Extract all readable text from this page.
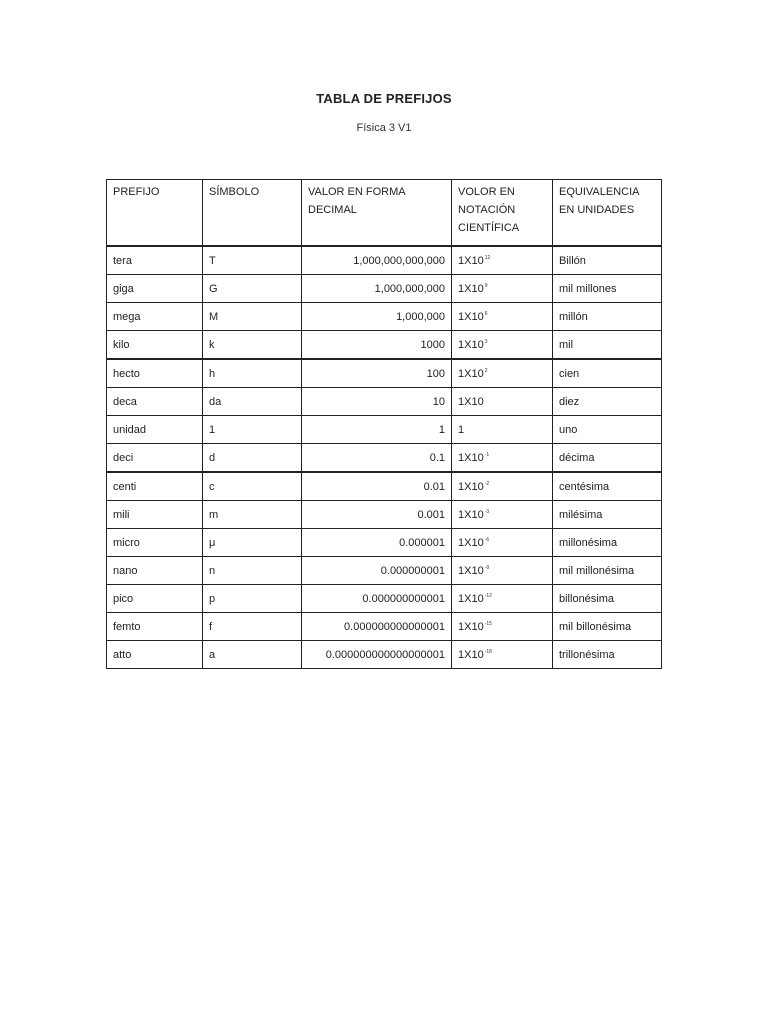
TABLA DE PREFIJOS
Física 3 V1
PREFIJO	SÍMBOLO	VALOR EN FORMA DECIMAL	VOLOR EN NOTACIÓN CIENTÍFICA	EQUIVALENCIA EN UNIDADES
tera	T	1,000,000,000,000	$1X10^{12}$	Billón
giga	G	1,000,000,000	$1X10^9$	mil millones
mega	M	1,000,000	$1X10^6$	millón
kilo	k	1000	$1X10^3$	mil
hecto	h	100	$1X10^2$	cien
deca	da	10	1X10	diez
unidad	1	1	1	uno
deci	d	0.1	$1X10^{-1}$	décima
centi	c	0.01	$1X10^{-2}$	centésima
mili	m	0.001	$1X10^{-3}$	milésima
micro	μ	0.000001	$1X10^{-6}$	millonésima
nano	n	0.000000001	$1X10^{-9}$	mil millonésima
pico	p	0.000000000001	$1X10^{-12}$	billonésima
femto	f	0.000000000000001	$1X10^{-15}$	mil billonésima
atto	a	0.000000000000000001	$1X10^{-18}$	trillonésima
